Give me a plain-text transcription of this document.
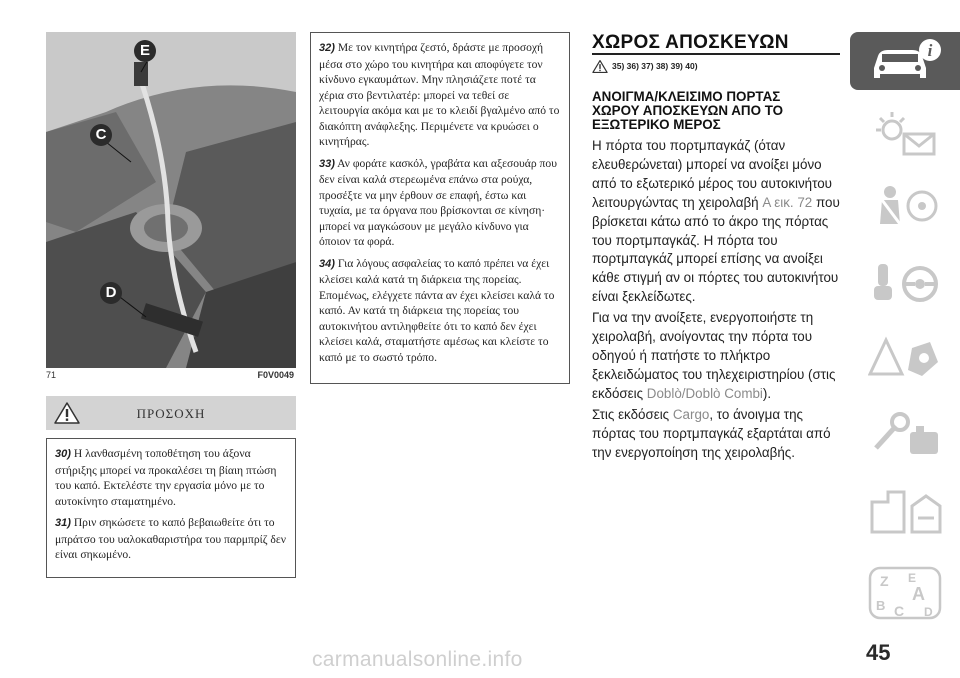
E
C
D
71	F0V0049
ΠΡΟΣΟΧΗ

30) Η λανθασμένη τοποθέτηση του άξονα στήριξης μπορεί να προκαλέσει τη βίαιη πτώση του καπό. Εκτελέστε την εργασία μόνο με το αυτοκίνητο σταματημένο.

31) Πριν σηκώσετε το καπό βεβαιωθείτε ότι το μπράτσο του υαλοκαθαριστήρα του παρμπρίζ δεν είναι σηκωμένο.

32) Με τον κινητήρα ζεστό, δράστε με προσοχή μέσα στο χώρο του κινητήρα και αποφύγετε τον κίνδυνο εγκαυμάτων. Μην πλησιάζετε ποτέ τα χέρια στο βεντιλατέρ: μπορεί να τεθεί σε λειτουργία ακόμα και με το κλειδί βγαλμένο από το διακόπτη ανάφλεξης. Περιμένετε να κρυώσει ο κινητήρας.

33) Αν φοράτε κασκόλ, γραβάτα και αξεσουάρ που δεν είναι καλά στερεωμένα επάνω στα ρούχα, προσέξτε να μην έρθουν σε επαφή, έστω και τυχαία, με τα όργανα που βρίσκονται σε κίνηση· μπορεί να μαγκώσουν με μεγάλο κίνδυνο για όποιον τα φορά.

34) Για λόγους ασφαλείας το καπό πρέπει να έχει κλείσει καλά κατά τη διάρκεια της πορείας. Επομένως, ελέγχετε πάντα αν έχει κλείσει καλά το καπό. Αν κατά τη διάρκεια της πορείας του αυτοκινήτου αντιληφθείτε ότι το καπό δεν έχει κλείσει καλά, σταματήστε αμέσως και κλείστε το καπό με το σωστό τρόπο.

ΧΩΡΟΣ ΑΠΟΣΚΕΥΩΝ
35) 36) 37) 38) 39) 40)
ΑΝΟΙΓΜΑ/ΚΛΕΙΣΙΜΟ ΠΟΡΤΑΣ
ΧΩΡΟΥ ΑΠΟΣΚΕΥΩΝ ΑΠΟ ΤΟ
ΕΞΩΤΕΡΙΚΟ ΜΕΡΟΣ

Η πόρτα του πορτμπαγκάζ (όταν ελευθερώνεται) μπορεί να ανοίξει μόνο από το εξωτερικό μέρος του αυτοκινήτου λειτουργώντας τη χειρολαβή A εικ. 72 που βρίσκεται κάτω από το άκρο της πόρτας του πορτμπαγκάζ. Η πόρτα του πορτμπαγκάζ μπορεί επίσης να ανοίξει κάθε στιγμή αν οι πόρτες του αυτοκινήτου είναι ξεκλείδωτες.

Για να την ανοίξετε, ενεργοποιήστε τη χειρολαβή, ανοίγοντας την πόρτα του οδηγού ή πατήστε το πλήκτρο ξεκλειδώματος του τηλεχειριστηρίου (στις εκδόσεις Doblò/Doblò Combi).

Στις εκδόσεις Cargo, το άνοιγμα της πόρτας του πορτμπαγκάζ εξαρτάται από την ενεργοποίηση της χειρολαβής.

i
Z E
A
B C D
45
carmanualsonline.info
